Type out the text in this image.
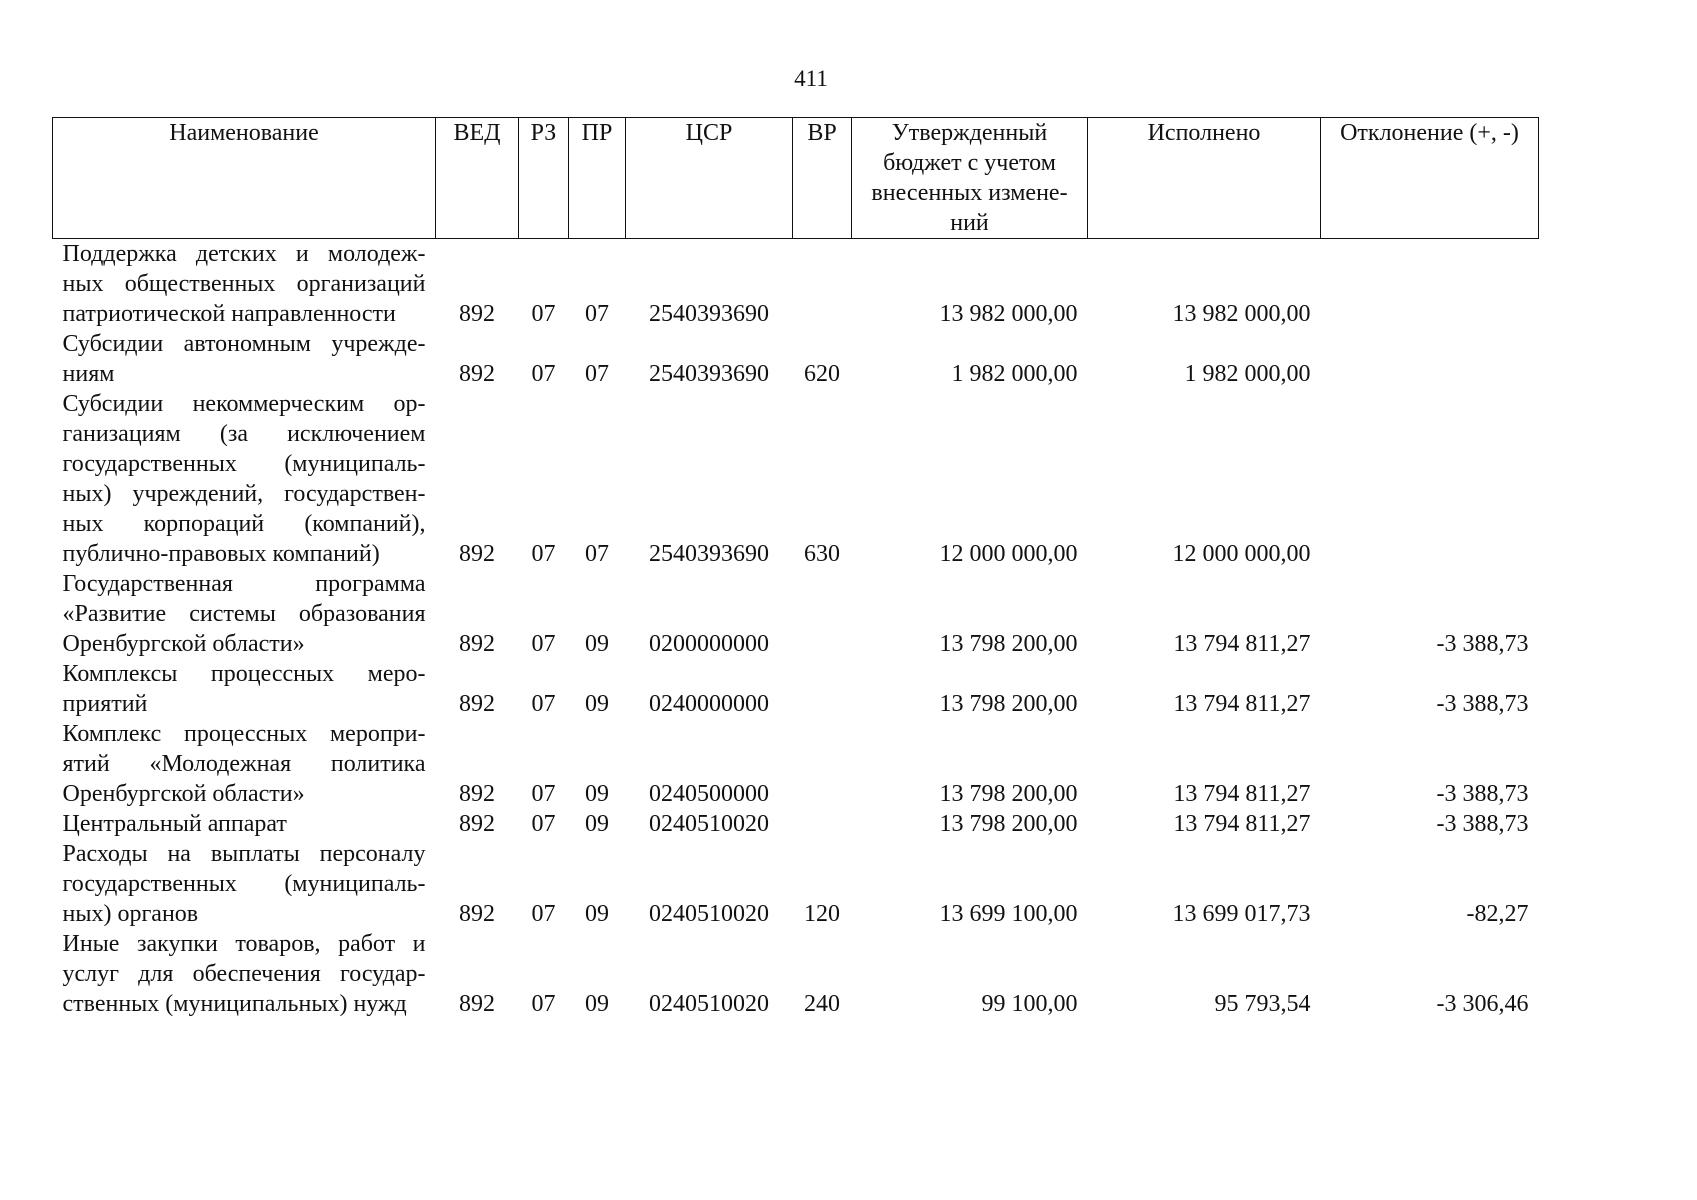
411
Наименование	ВЕД	РЗ	ПР	ЦСР	ВР	Утвержденный бюджет с учетом внесенных измене-ний	Исполнено	Отклонение (+, -)
Поддержка детских и молодеж-ных общественных организаций патриотической направленности	892	07	07	2540393690		13 982 000,00	13 982 000,00	
Субсидии автономным учрежде-ниям	892	07	07	2540393690	620	1 982 000,00	1 982 000,00	
Субсидии некоммерческим ор-ганизациям (за исключением государственных (муниципаль-ных) учреждений, государствен-ных корпораций (компаний), публично-правовых компаний)	892	07	07	2540393690	630	12 000 000,00	12 000 000,00	
Государственная программа «Развитие системы образования Оренбургской области»	892	07	09	0200000000		13 798 200,00	13 794 811,27	-3 388,73
Комплексы процессных меро-приятий	892	07	09	0240000000		13 798 200,00	13 794 811,27	-3 388,73
Комплекс процессных меропри-ятий «Молодежная политика Оренбургской области»	892	07	09	0240500000		13 798 200,00	13 794 811,27	-3 388,73
Центральный аппарат	892	07	09	0240510020		13 798 200,00	13 794 811,27	-3 388,73
Расходы на выплаты персоналу государственных (муниципаль-ных) органов	892	07	09	0240510020	120	13 699 100,00	13 699 017,73	-82,27
Иные закупки товаров, работ и услуг для обеспечения государ-ственных (муниципальных) нужд	892	07	09	0240510020	240	99 100,00	95 793,54	-3 306,46
